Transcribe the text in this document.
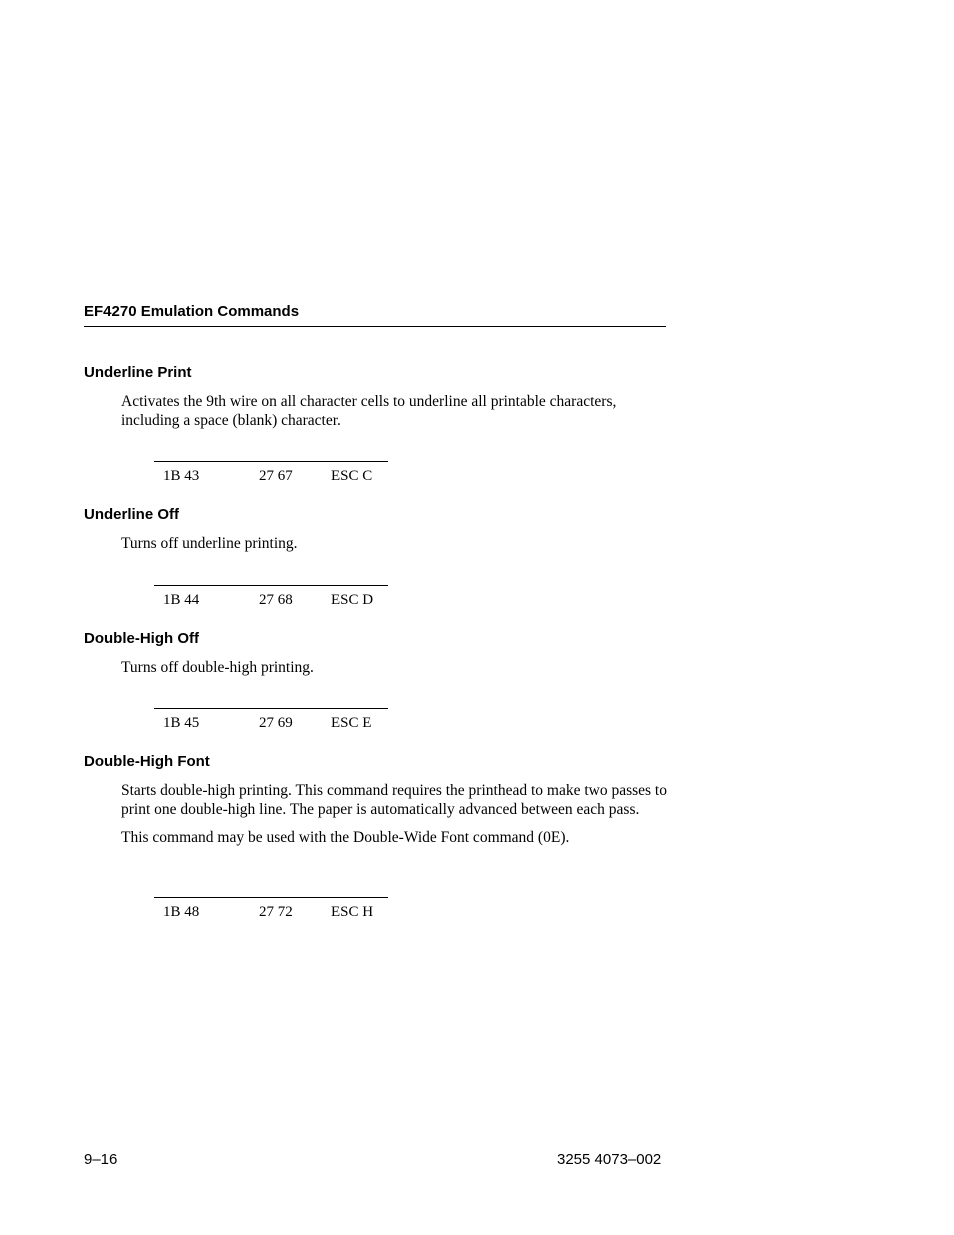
EF4270 Emulation Commands
Underline Print

Activates the 9th wire on all character cells to underline all printable characters, including a space (blank) character.

1B 43	27 67	ESC C
Underline Off

Turns off underline printing.

1B 44	27 68	ESC D
Double-High Off

Turns off double-high printing.

1B 45	27 69	ESC E
Double-High Font

Starts double-high printing. This command requires the printhead to make two passes to print one double-high line. The paper is automatically advanced between each pass.

This command may be used with the Double-Wide Font command (0E).

1B 48	27 72	ESC H
9–16	3255 4073–002
